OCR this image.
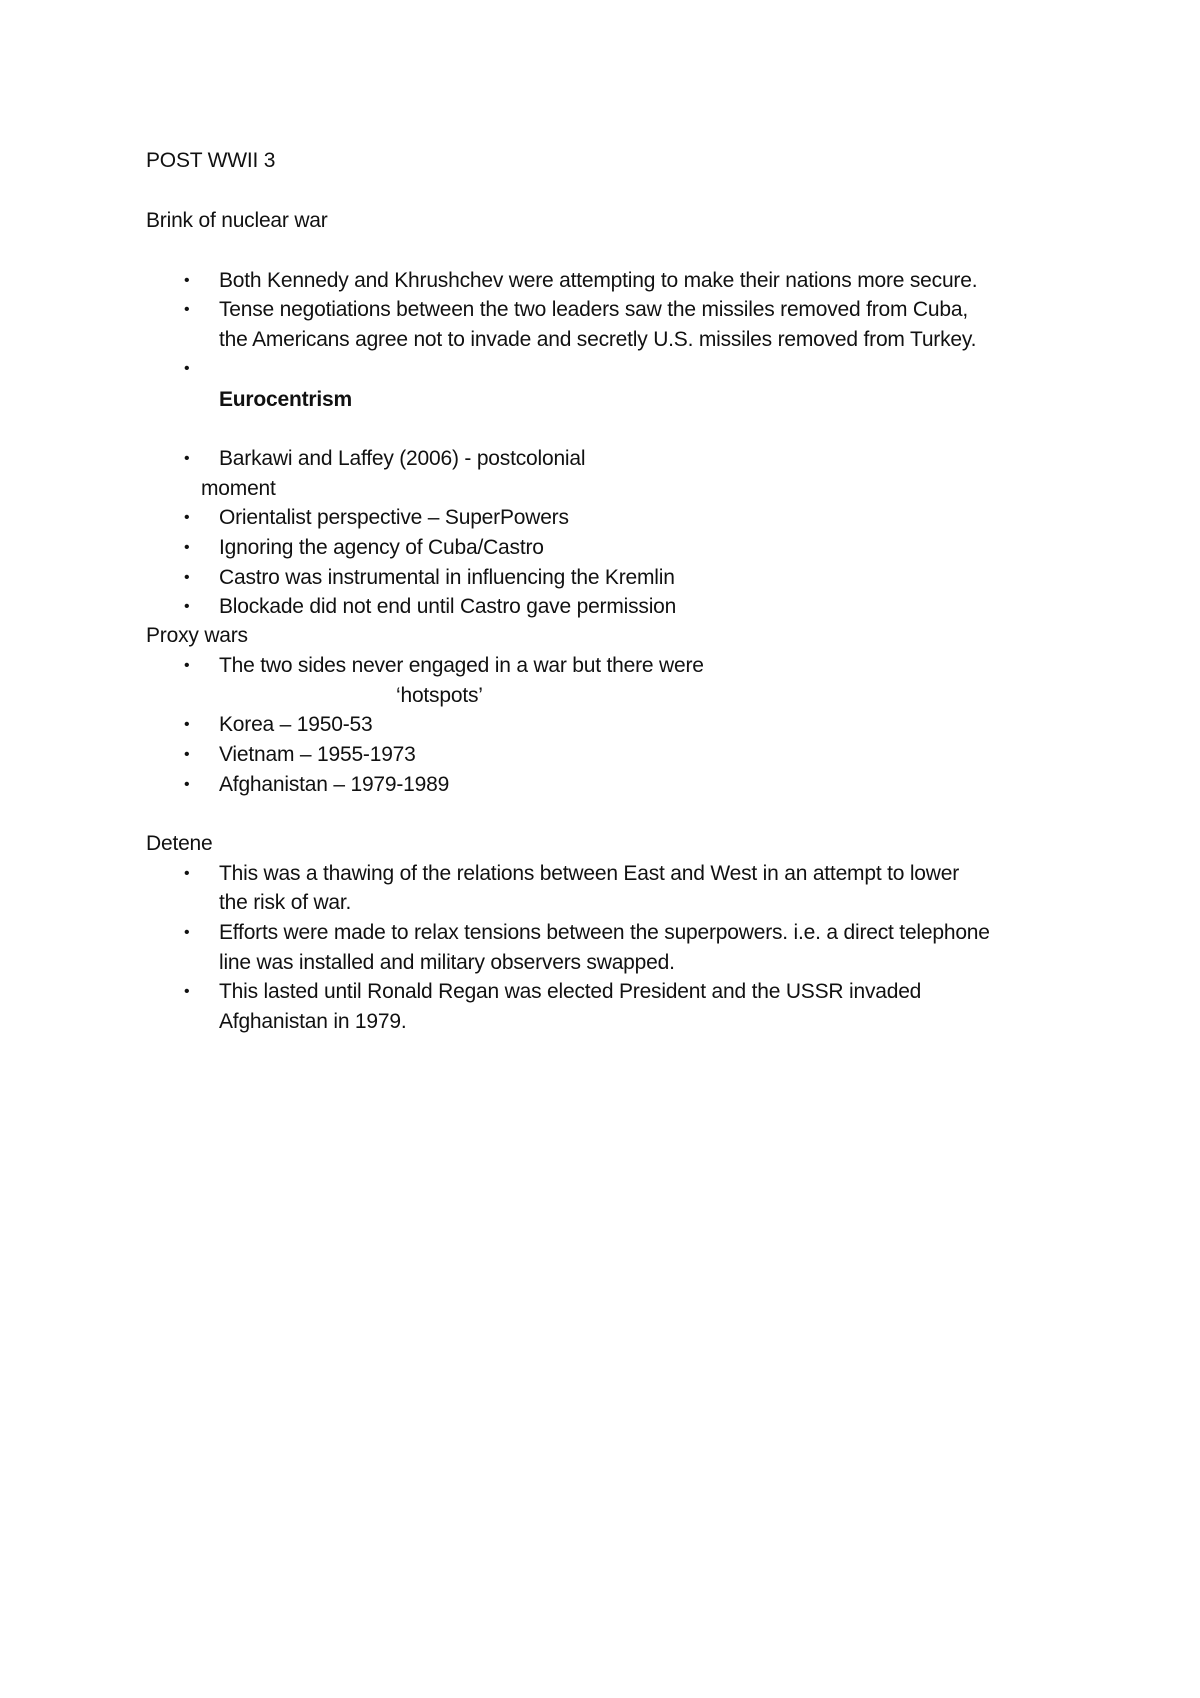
POST WWII 3
Brink of nuclear war
• Both Kennedy and Khrushchev were attempting to make their nations more secure.
• Tense negotiations between the two leaders saw the missiles removed from Cuba,
the Americans agree not to invade and secretly U.S. missiles removed from Turkey.
•
Eurocentrism
• Barkawi and Laffey (2006) - postcolonial
moment
• Orientalist perspective – SuperPowers
• Ignoring the agency of Cuba/Castro
• Castro was instrumental in influencing the Kremlin
• Blockade did not end until Castro gave permission
Proxy wars
• The two sides never engaged in a war but there were
‘hotspots’
• Korea – 1950-53
• Vietnam – 1955-1973
• Afghanistan – 1979-1989
Detene
• This was a thawing of the relations between East and West in an attempt to lower
the risk of war.
• Efforts were made to relax tensions between the superpowers. i.e. a direct telephone
line was installed and military observers swapped.
• This lasted until Ronald Regan was elected President and the USSR invaded
Afghanistan in 1979.
